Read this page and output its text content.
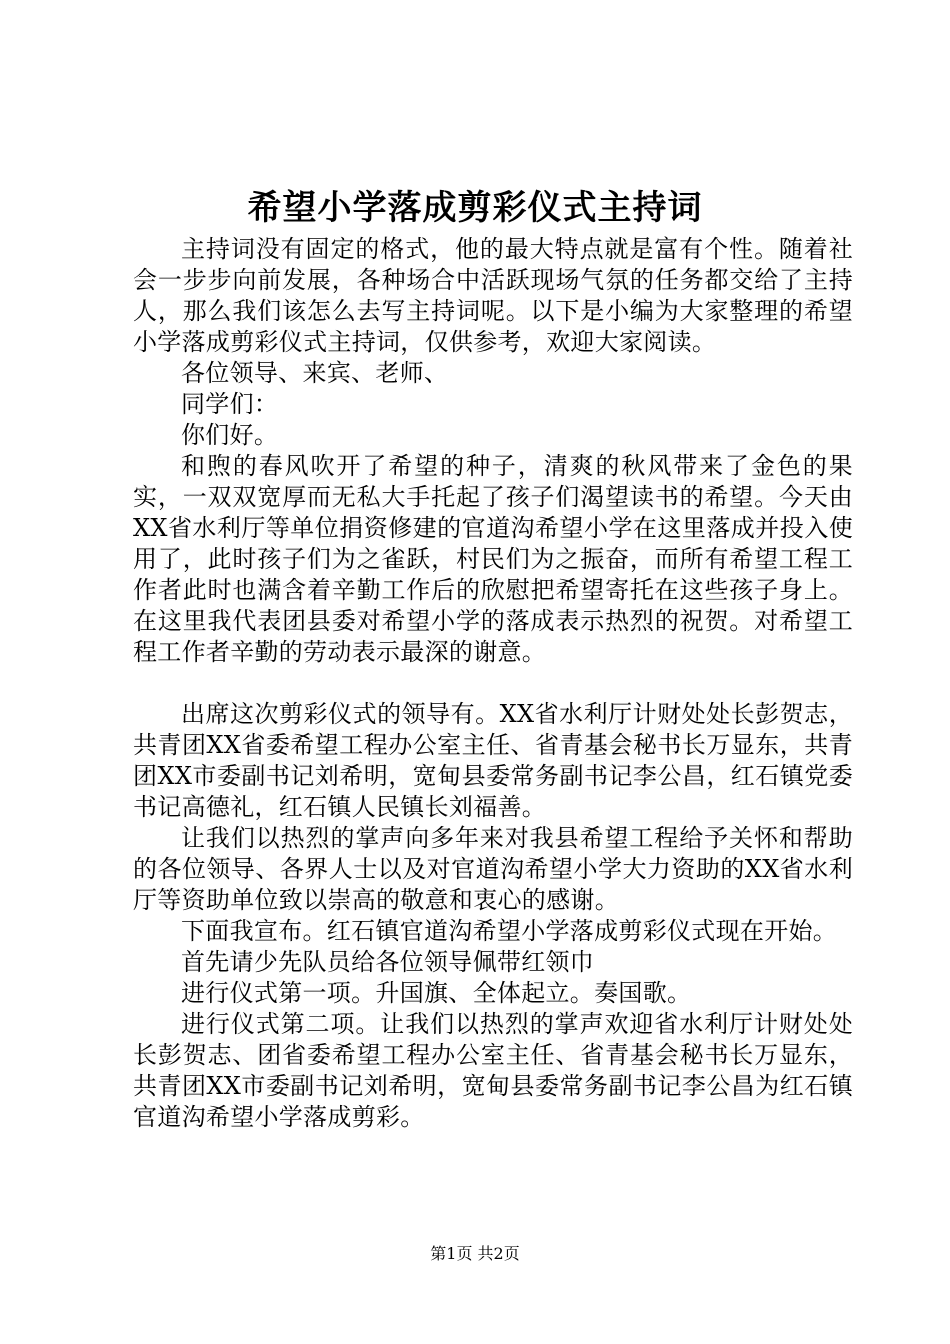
希望小学落成剪彩仪式主持词

主持词没有固定的格式，他的最大特点就是富有个性。随着社会一步步向前发展，各种场合中活跃现场气氛的任务都交给了主持人，那么我们该怎么去写主持词呢。以下是小编为大家整理的希望小学落成剪彩仪式主持词，仅供参考，欢迎大家阅读。

各位领导、来宾、老师、

同学们：

你们好。

和煦的春风吹开了希望的种子，清爽的秋风带来了金色的果实，一双双宽厚而无私大手托起了孩子们渴望读书的希望。今天由XX省水利厅等单位捐资修建的官道沟希望小学在这里落成并投入使用了，此时孩子们为之雀跃，村民们为之振奋，而所有希望工程工作者此时也满含着辛勤工作后的欣慰把希望寄托在这些孩子身上。在这里我代表团县委对希望小学的落成表示热烈的祝贺。对希望工程工作者辛勤的劳动表示最深的谢意。

出席这次剪彩仪式的领导有。XX省水利厅计财处处长彭贺志，共青团XX省委希望工程办公室主任、省青基会秘书长万显东，共青团XX市委副书记刘希明，宽甸县委常务副书记李公昌，红石镇党委书记高德礼，红石镇人民镇长刘福善。

让我们以热烈的掌声向多年来对我县希望工程给予关怀和帮助的各位领导、各界人士以及对官道沟希望小学大力资助的XX省水利厅等资助单位致以崇高的敬意和衷心的感谢。

下面我宣布。红石镇官道沟希望小学落成剪彩仪式现在开始。

首先请少先队员给各位领导佩带红领巾

进行仪式第一项。升国旗、全体起立。奏国歌。

进行仪式第二项。让我们以热烈的掌声欢迎省水利厅计财处处长彭贺志、团省委希望工程办公室主任、省青基会秘书长万显东，共青团XX市委副书记刘希明，宽甸县委常务副书记李公昌为红石镇官道沟希望小学落成剪彩。

第1页 共2页
